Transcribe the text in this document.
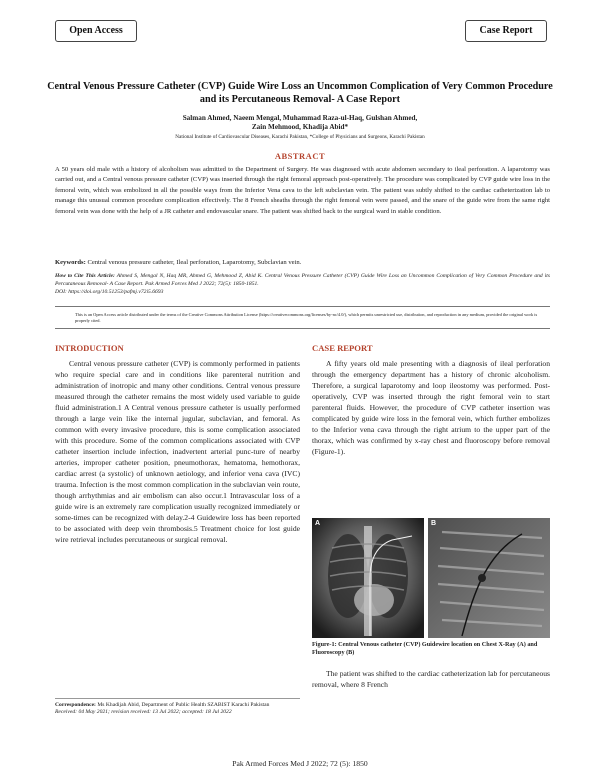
Open Access	Case Report
Central Venous Pressure Catheter (CVP) Guide Wire Loss an Uncommon Complication of Very Common Procedure and its Percutaneous Removal- A Case Report
Salman Ahmed, Naeem Mengal, Muhammad Raza-ul-Haq, Gulshan Ahmed,
Zain Mehmood, Khadija Abid*
National Institute of Cardiovascular Diseases, Karachi Pakistan, *College of Physicians and Surgeons, Karachi Pakistan
ABSTRACT
A 50 years old male with a history of alcoholism was admitted to the Department of Surgery. He was diagnosed with acute abdomen secondary to ileal perforation. A laparotomy was carried out, and a Central venous pressure catheter (CVP) was inserted through the right femoral approach post-operatively. The procedure was complicated by CVP guide wire loss in the femoral vein, which was embolized in all the possible ways from the Inferior Vena cava to the left subclavian vein. The patient was subtly shifted to the cardiac catheterization lab to manage this unusual common procedure complication effectively. The 8 French sheaths through the right femoral vein were passed, and the snare of the guide wire from the same right femoral vein was done with the help of a JR catheter and endovascular snare. The patient was shifted back to the surgical ward in stable condition.
Keywords: Central venous pressure catheter, Ileal perforation, Laparotomy, Subclavian vein.
How to Cite This Article: Ahmed S, Mengal N, Haq MR, Ahmed G, Mehmood Z, Abid K. Central Venous Pressure Catheter (CVP) Guide Wire Loss an Uncommon Complication of Very Common Procedure and its Percutaneous Removal- A Case Report. Pak Armed Forces Med J 2022; 72(5): 1850-1851.
DOI: https://doi.org/10.51253/pafmj.v72i5.6693
This is an Open Access article distributed under the terms of the Creative Commons Attribution License (https://creativecommons.org/licenses/by-nc/4.0/), which permits unrestricted use, distribution, and reproduction in any medium, provided the original work is properly cited.
INTRODUCTION

Central venous pressure catheter (CVP) is commonly performed in patients who require special care and in conditions like parenteral nutrition and administration of inotropic and many other conditions. Central venous pressure measured through the catheter remains the most widely used variable to guide fluid administration.1 A Central venous pressure catheter is usually performed through a large vein like the internal jugular, subclavian, and femoral. As common with every invasive procedure, this is some complication associated with this procedure. Some of the common complications associated with CVP catheter insertion include infection, inadvertent arterial punc-ture of nearby arteries, improper catheter position, pneumothorax, hematoma, hemothorax, cardiac arrest (a systolic) of unknown aetiology, and inferior vena cava (IVC) trauma. Infection is the most common complication in the subclavian vein route, though arrhythmias and air embolism can also occur.1 Intravascular loss of a guide wire is an extremely rare complication usually recognized immediately or some-times can be recognized with delay.2-4 Guidewire loss has been reported to be associated with deep vein thrombosis.5 Treatment choice for lost guide wire retrieval includes percutaneous or surgical removal.

Correspondence: Ms Khadijah Abid, Department of Public Health SZABIST Karachi Pakistan
Received: 04 May 2021; revision received: 13 Jul 2022; accepted: 18 Jul 2022
CASE REPORT

A fifty years old male presenting with a diagnosis of ileal perforation through the emergency department has a history of chronic alcoholism. Therefore, a surgical laparotomy and loop ileostomy was performed. Post-operatively, CVP was inserted through the right femoral vein to start parenteral fluids. However, the procedure of CVP catheter insertion was complicated by guide wire loss in the femoral vein, which further embolizes to the Inferior vena cava through the right atrium to the upper part of the thorax, which was confirmed by x-ray chest and fluoroscopy before removal (Figure-1).

A	B
Figure-1: Central Venous catheter (CVP) Guidewire location on Chest X-Ray (A) and Fluoroscopy (B)

The patient was shifted to the cardiac catheterization lab for percutaneous removal, where 8 French

Pak Armed Forces Med J 2022; 72 (5): 1850
